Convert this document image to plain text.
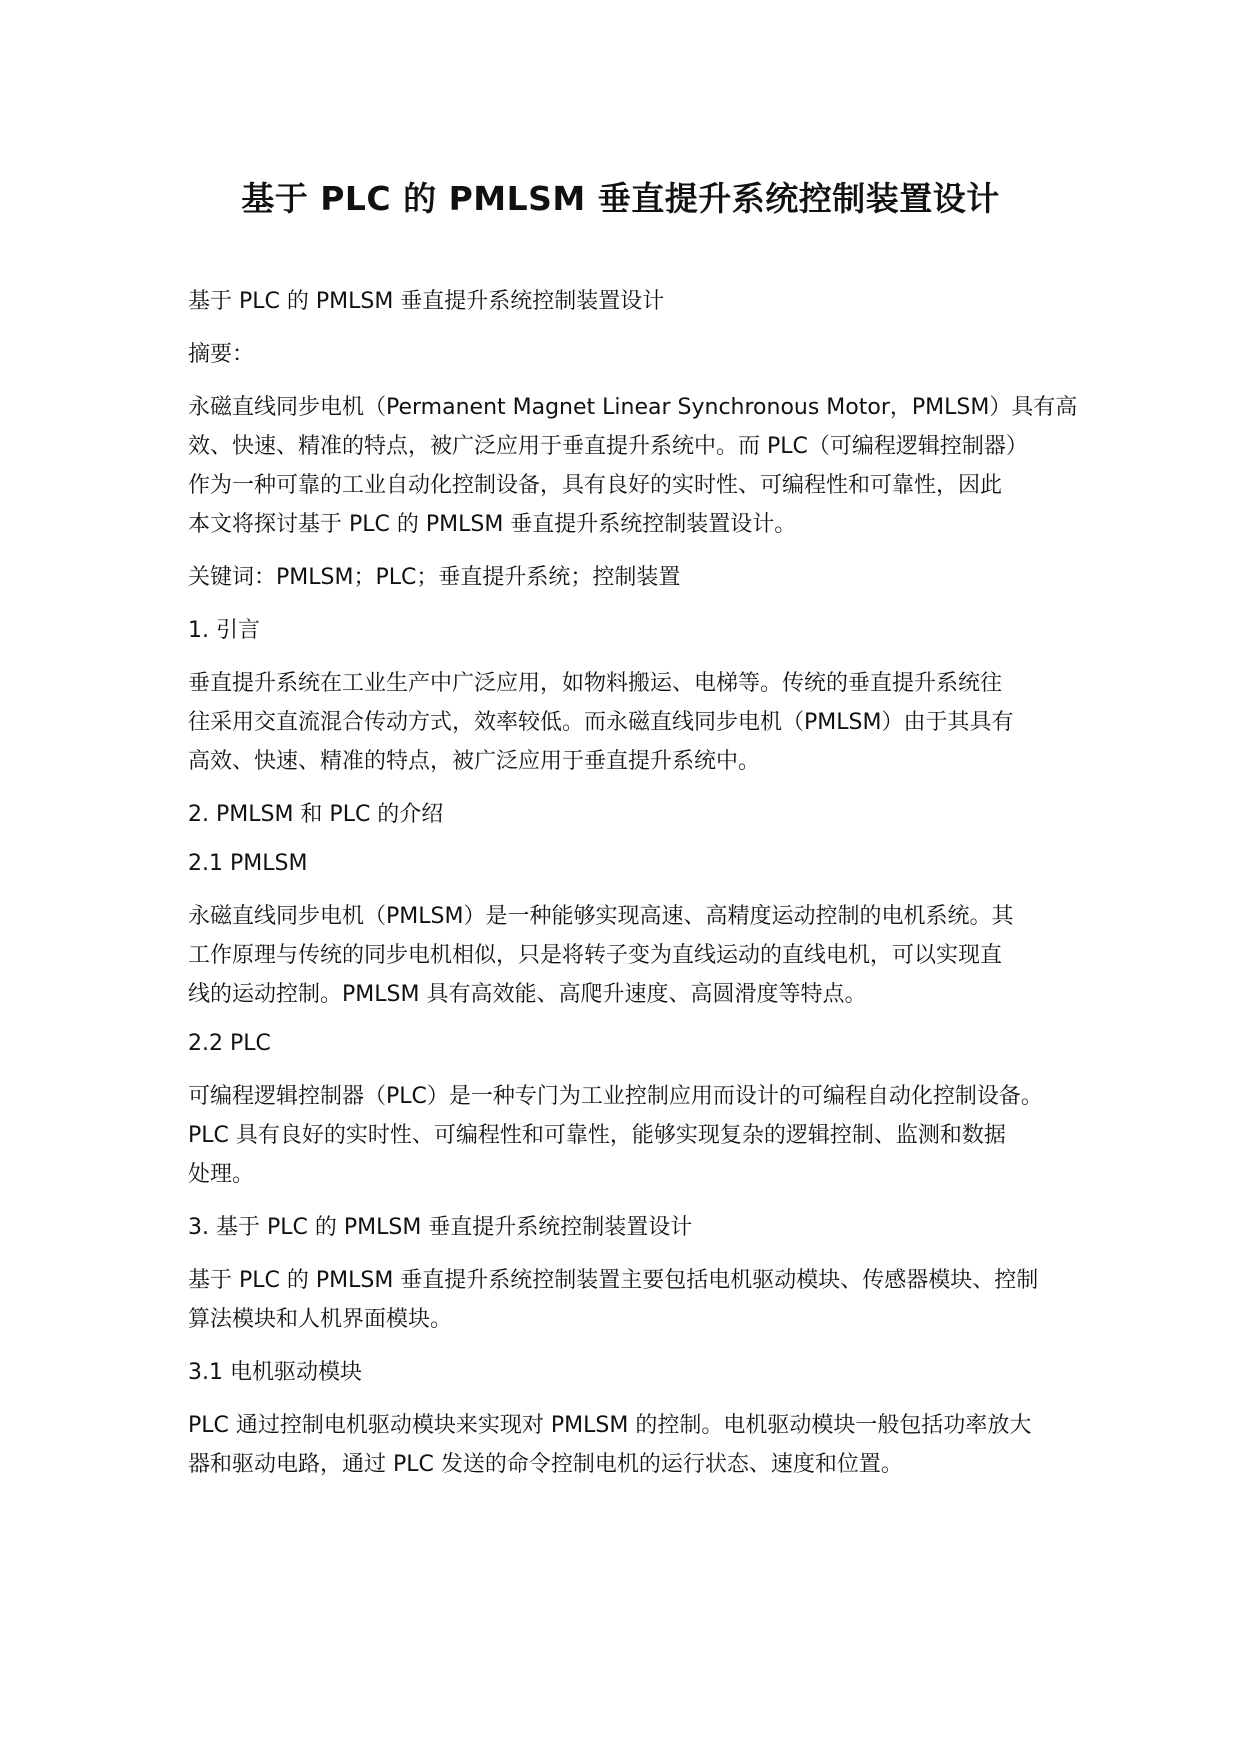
基于 PLC 的 PMLSM 垂直提升系统控制装置设计

基于 PLC 的 PMLSM 垂直提升系统控制装置设计

摘要：

永磁直线同步电机（Permanent Magnet Linear Synchronous Motor，PMLSM）具有高
效、快速、精准的特点，被广泛应用于垂直提升系统中。而 PLC（可编程逻辑控制器）
作为一种可靠的工业自动化控制设备，具有良好的实时性、可编程性和可靠性，因此
本文将探讨基于 PLC 的 PMLSM 垂直提升系统控制装置设计。

关键词：PMLSM；PLC；垂直提升系统；控制装置

1. 引言

垂直提升系统在工业生产中广泛应用，如物料搬运、电梯等。传统的垂直提升系统往
往采用交直流混合传动方式，效率较低。而永磁直线同步电机（PMLSM）由于其具有
高效、快速、精准的特点，被广泛应用于垂直提升系统中。

2. PMLSM 和 PLC 的介绍

2.1 PMLSM

永磁直线同步电机（PMLSM）是一种能够实现高速、高精度运动控制的电机系统。其
工作原理与传统的同步电机相似，只是将转子变为直线运动的直线电机，可以实现直
线的运动控制。PMLSM 具有高效能、高爬升速度、高圆滑度等特点。

2.2 PLC

可编程逻辑控制器（PLC）是一种专门为工业控制应用而设计的可编程自动化控制设备。
PLC 具有良好的实时性、可编程性和可靠性，能够实现复杂的逻辑控制、监测和数据
处理。

3. 基于 PLC 的 PMLSM 垂直提升系统控制装置设计

基于 PLC 的 PMLSM 垂直提升系统控制装置主要包括电机驱动模块、传感器模块、控制
算法模块和人机界面模块。

3.1 电机驱动模块

PLC 通过控制电机驱动模块来实现对 PMLSM 的控制。电机驱动模块一般包括功率放大
器和驱动电路，通过 PLC 发送的命令控制电机的运行状态、速度和位置。
